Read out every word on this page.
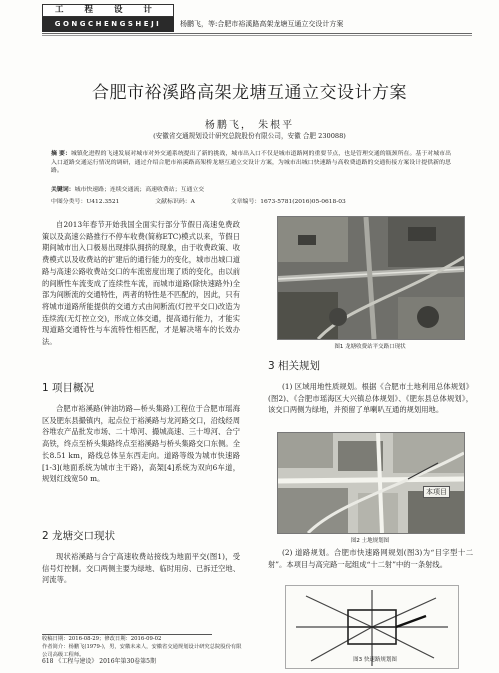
工 程 设 计
GONGCHENGSHEJI	杨鹏飞，等:合肥市裕溪路高架龙塘互通立交设计方案
合肥市裕溪路高架龙塘互通立交设计方案
杨鹏飞， 朱根平
(安徽省交通规划设计研究总院股份有限公司，安徽 合肥 230088)
摘 要：城镇化进程的飞速发展对城市对外交通系统提出了新的挑战，城市出入口不仅是城市道路网的重要节点，也是管理交通的瓶颈所在。基于对城市出入口道路交通运行情况的调研，通过介绍合肥市裕溪路高架桥龙塘互通立交设计方案，为城市出城口快速路与高收费道路的交通衔接方案设计提供新的思路。
关键词：城市快速路；连续交通流；高速收费站；互通立交
中图分类号：U412.3521	文献标识码：A	文章编号：1673-5781(2016)05-0618-03
自2013年春节开始我国全面实行部分节假日高速免费政策以及高速公路推行不停车收费(简称ETC)模式以来，节假日期间城市出入口极易出现排队拥挤的现象，由于收费政策、收费模式以及收费站的扩建后的通行能力的变化，城市出城口道路与高速公路收费站交口的车流密度出现了质的变化，由以前的间断性车流变成了连续性车流，而城市道路(除快速路外)全部为间断流的交通特性，两者的特性是不匹配的，因此，只有将城市道路所能提供的交通方式由间断流(灯控平交口)改造为连续流(无灯控立交)，形成立体交通，提高通行能力，才能实现道路交通特性与车流特性相匹配，才是解决堵车的长效办法。
1 项目概况
合肥市裕溪路(钟油坊路—桥头集路)工程位于合肥市瑶海区及肥东县撮镇内，起点位于裕溪路与龙河路交口，沿线经周谷堆农产品批发市场、二十埠河、撮城高速、三十埠河、合宁高铁，终点至桥头集路终点至裕溪路与桥头集路交口东侧。全长8.51 km，路线总体呈东西走向。道路等级为城市快速路[1-3](地面系统为城市主干路)，高架[4]系统为双向6车道，规划红线宽50 m。
2 龙塘交口现状
现状裕溪路与合宁高速收费站接线为地面平交(图1)，受信号灯控制。交口两侧主要为绿地、临时用房、已拆迁空地、河流等。
图1 龙塘收费站平交路口现状
3 相关规划
(1) 区域用地性质规划。根据《合肥市土地利用总体规划》(图2)、《合肥市瑶海区大兴镇总体规划》、《肥东县总体规划》，该交口两侧为绿地，并预留了单喇叭互通的规划用地。
本项目
图2 土地规划图
(2) 道路规划。合肥市快速路网规划(图3)为“目字型十二射”。本项目与高完路一起组成“十二射”中的一条射线。
收稿日期：2016-08-29；修改日期：2016-09-02
作者简介：杨鹏飞(1979-)，男，安徽未来人，安徽省交通规划设计研究总院股份有限公司高级工程师。
618 《工程与建设》 2016年第30卷第5期	图3 快速路规划图
